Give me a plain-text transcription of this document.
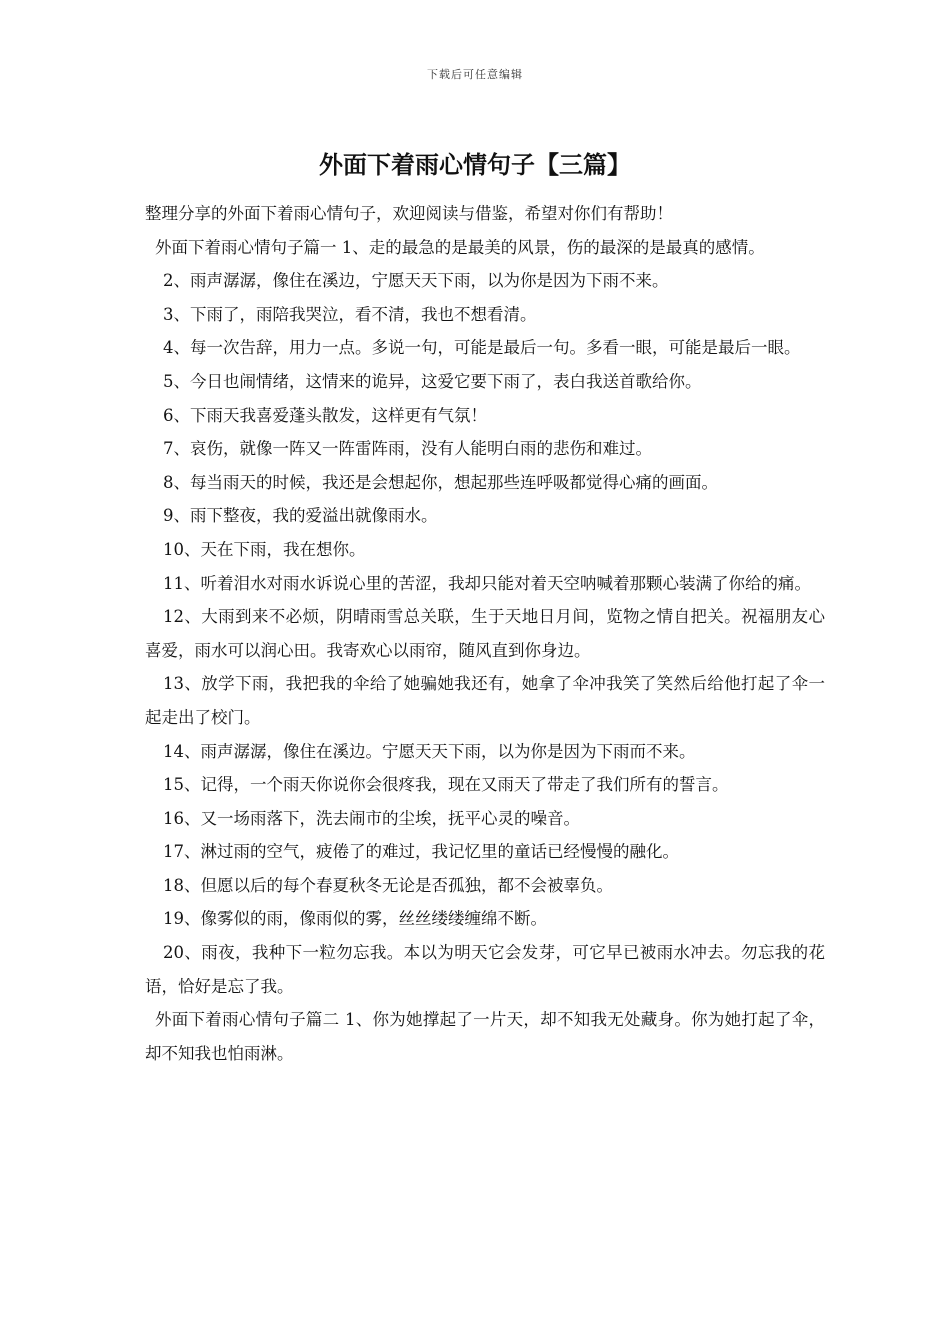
下载后可任意编辑
外面下着雨心情句子【三篇】

整理分享的外面下着雨心情句子，欢迎阅读与借鉴，希望对你们有帮助！

外面下着雨心情句子篇一 1、走的最急的是最美的风景，伤的最深的是最真的感情。

2、雨声潺潺，像住在溪边，宁愿天天下雨，以为你是因为下雨不来。

3、下雨了，雨陪我哭泣，看不清，我也不想看清。

4、每一次告辞，用力一点。多说一句，可能是最后一句。多看一眼，可能是最后一眼。

5、今日也闹情绪，这情来的诡异，这爱它要下雨了，表白我送首歌给你。

6、下雨天我喜爱蓬头散发，这样更有气氛！

7、哀伤，就像一阵又一阵雷阵雨，没有人能明白雨的悲伤和难过。

8、每当雨天的时候，我还是会想起你，想起那些连呼吸都觉得心痛的画面。

9、雨下整夜，我的爱溢出就像雨水。

10、天在下雨，我在想你。

11、听着泪水对雨水诉说心里的苦涩，我却只能对着天空呐喊着那颗心装满了你给的痛。

12、大雨到来不必烦，阴晴雨雪总关联，生于天地日月间，览物之情自把关。祝福朋友心喜爱，雨水可以润心田。我寄欢心以雨帘，随风直到你身边。

13、放学下雨，我把我的伞给了她骗她我还有，她拿了伞冲我笑了笑然后给他打起了伞一起走出了校门。

14、雨声潺潺，像住在溪边。宁愿天天下雨，以为你是因为下雨而不来。

15、记得，一个雨天你说你会很疼我，现在又雨天了带走了我们所有的誓言。

16、又一场雨落下，洗去闹市的尘埃，抚平心灵的噪音。

17、淋过雨的空气，疲倦了的难过，我记忆里的童话已经慢慢的融化。

18、但愿以后的每个春夏秋冬无论是否孤独，都不会被辜负。

19、像雾似的雨，像雨似的雾，丝丝缕缕缠绵不断。

20、雨夜，我种下一粒勿忘我。本以为明天它会发芽，可它早已被雨水冲去。勿忘我的花语，恰好是忘了我。

外面下着雨心情句子篇二 1、你为她撑起了一片天，却不知我无处藏身。你为她打起了伞，却不知我也怕雨淋。
